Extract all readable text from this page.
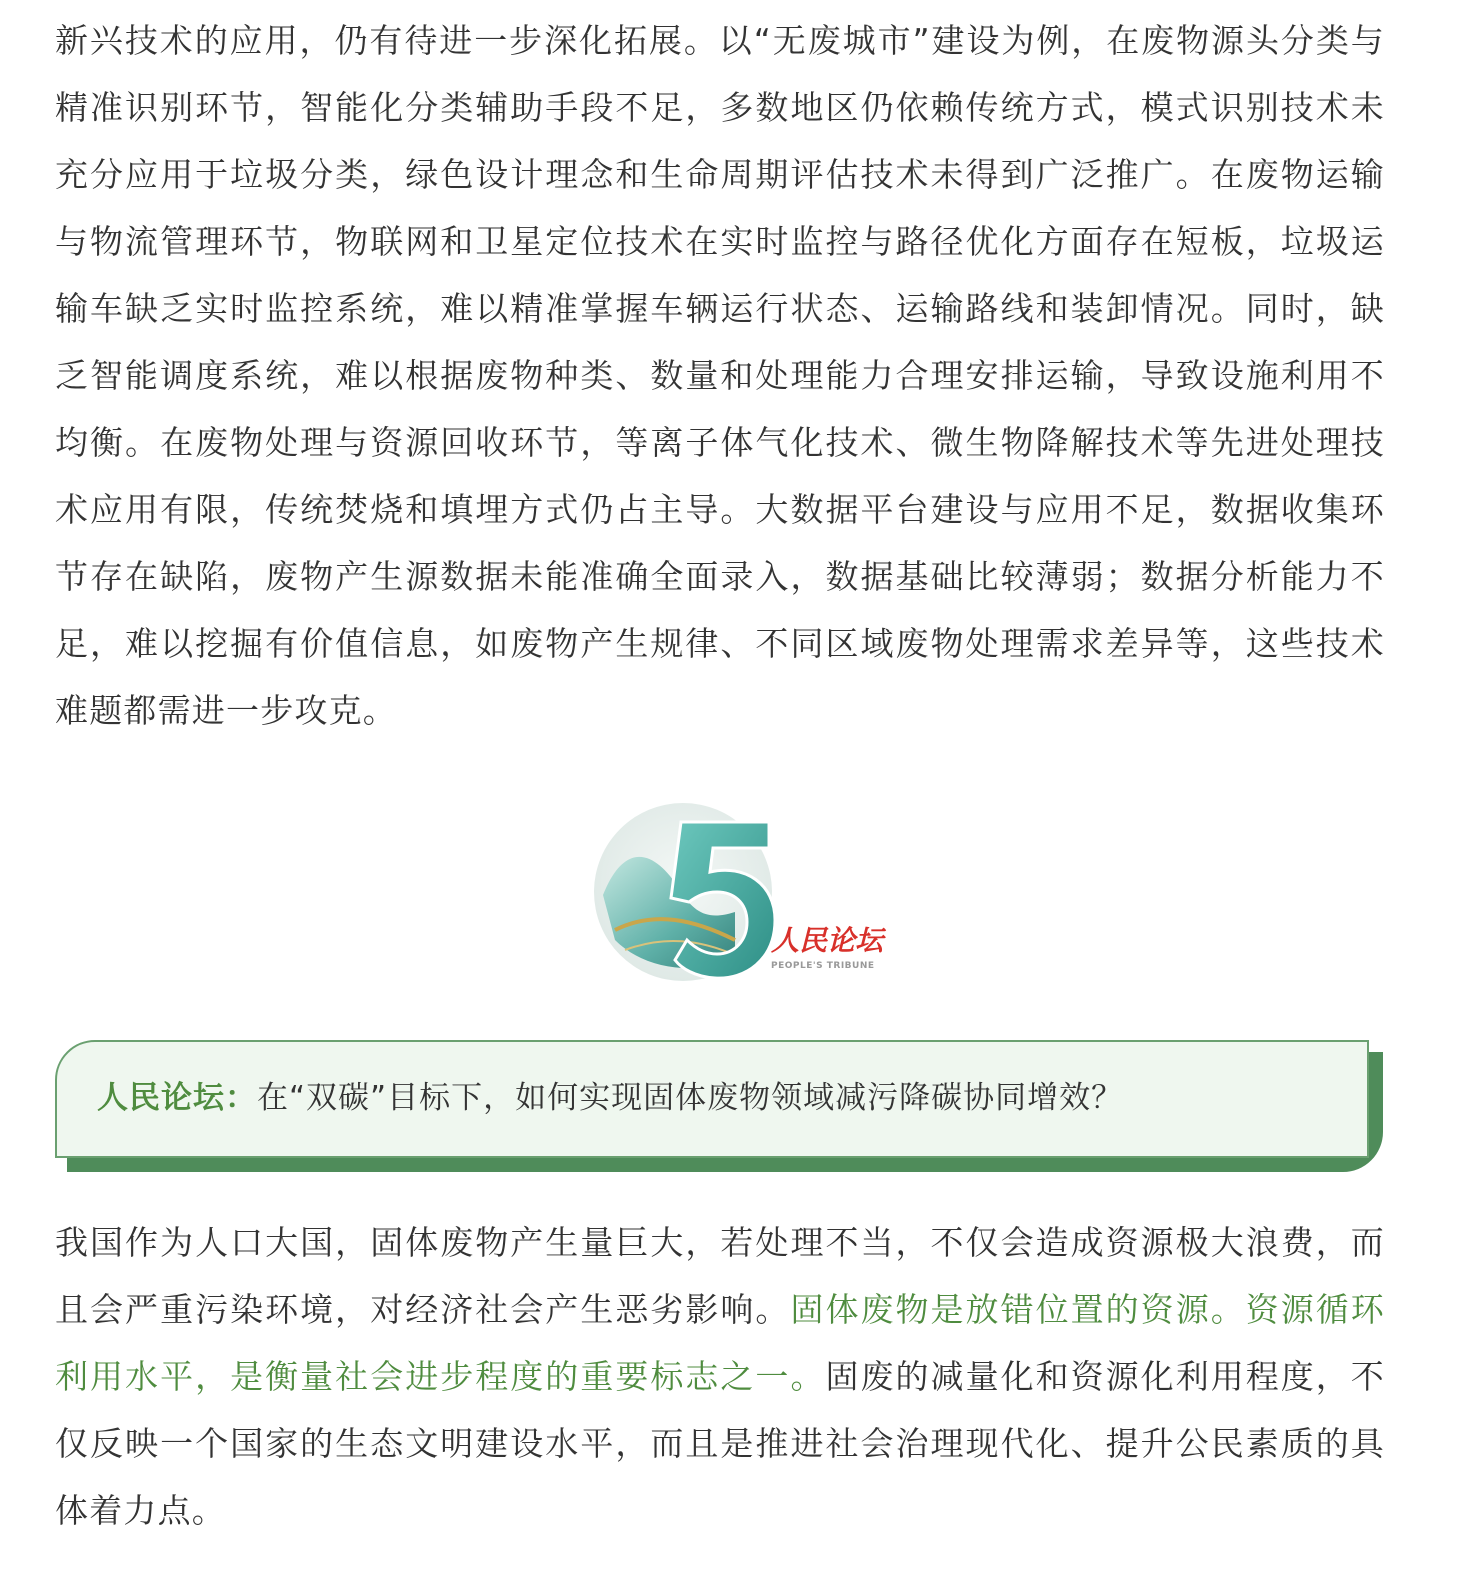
新兴技术的应用，仍有待进一步深化拓展。以“无废城市”建设为例，在废物源头分类与精准识别环节，智能化分类辅助手段不足，多数地区仍依赖传统方式，模式识别技术未充分应用于垃圾分类，绿色设计理念和生命周期评估技术未得到广泛推广。在废物运输与物流管理环节，物联网和卫星定位技术在实时监控与路径优化方面存在短板，垃圾运输车缺乏实时监控系统，难以精准掌握车辆运行状态、运输路线和装卸情况。同时，缺乏智能调度系统，难以根据废物种类、数量和处理能力合理安排运输，导致设施利用不均衡。在废物处理与资源回收环节，等离子体气化技术、微生物降解技术等先进处理技术应用有限，传统焚烧和填埋方式仍占主导。大数据平台建设与应用不足，数据收集环节存在缺陷，废物产生源数据未能准确全面录入，数据基础比较薄弱；数据分析能力不足，难以挖掘有价值信息，如废物产生规律、不同区域废物处理需求差异等，这些技术难题都需进一步攻克。

人民论坛
PEOPLE'S TRIBUNE
人民论坛：在“双碳”目标下，如何实现固体废物领域减污降碳协同增效？

我国作为人口大国，固体废物产生量巨大，若处理不当，不仅会造成资源极大浪费，而且会严重污染环境，对经济社会产生恶劣影响。固体废物是放错位置的资源。资源循环利用水平，是衡量社会进步程度的重要标志之一。固废的减量化和资源化利用程度，不仅反映一个国家的生态文明建设水平，而且是推进社会治理现代化、提升公民素质的具体着力点。
